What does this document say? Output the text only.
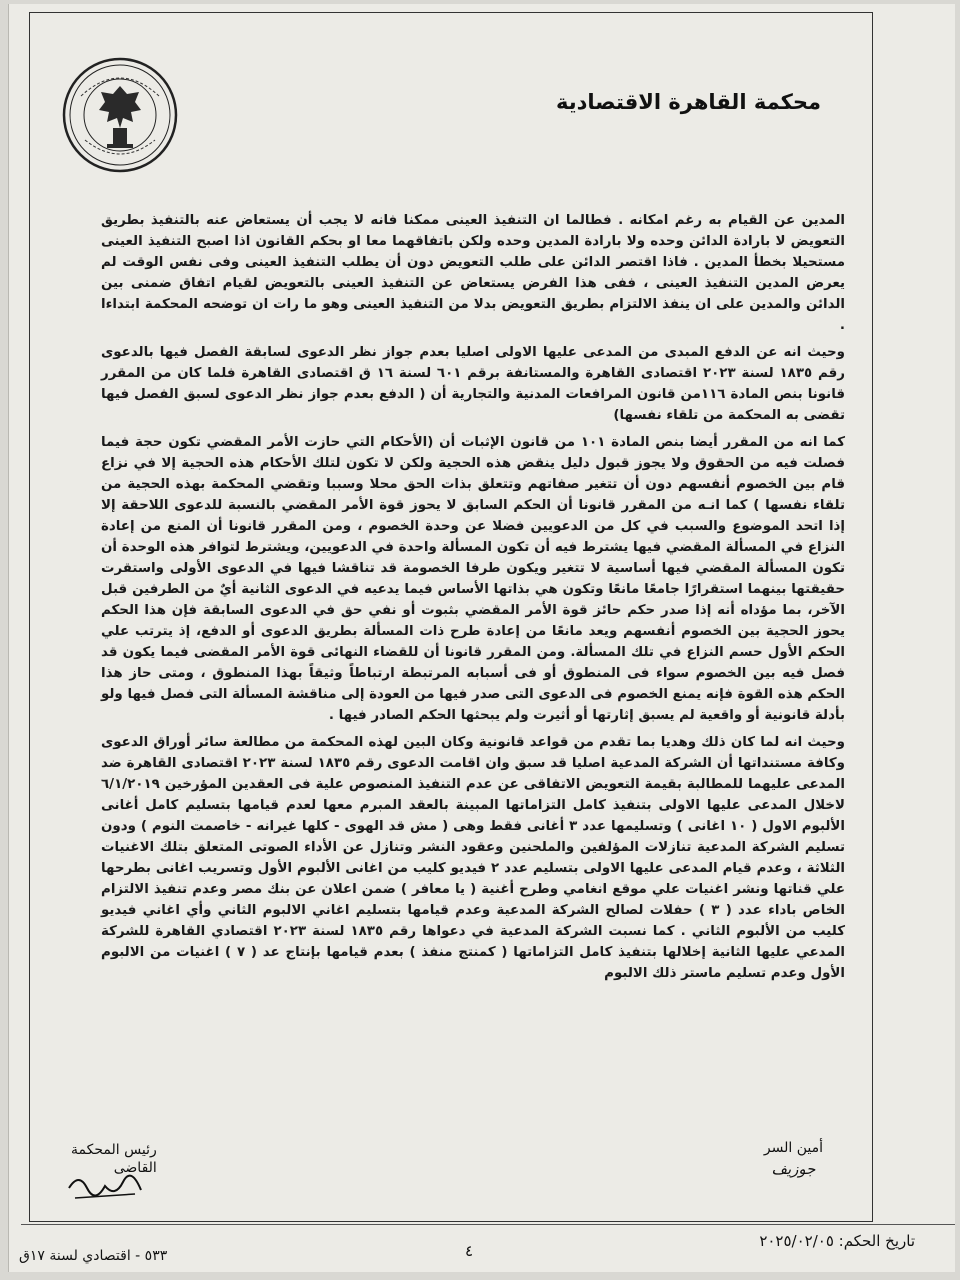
محكمة القاهرة الاقتصادية

المدين عن القيام به رغم امكانه . فطالما ان التنفيذ العينى ممكنا فانه لا يجب أن يستعاض عنه بالتنفيذ بطريق التعويض لا بارادة الدائن وحده ولا بارادة المدين وحده ولكن باتفاقهما معا او بحكم القانون اذا اصبح التنفيذ العينى مستحيلا بخطأ المدين . فاذا اقتصر الدائن على طلب التعويض دون أن يطلب التنفيذ العينى وفى نفس الوقت لم يعرض المدين التنفيذ العينى ، ففى هذا الفرض يستعاض عن التنفيذ العينى بالتعويض لقيام اتفاق ضمنى بين الدائن والمدين على ان ينفذ الالتزام بطريق التعويض بدلا من التنفيذ العينى وهو ما رات ان توضحه المحكمة ابتداءا .

وحيث انه عن الدفع المبدى من المدعى عليها الاولى اصليا بعدم جواز نظر الدعوى لسابقة الفصل فيها بالدعوى رقم ١٨٣٥ لسنة ٢٠٢٣ اقتصادى القاهرة والمستانفة برقم ٦٠١ لسنة ١٦ ق اقتصادى القاهرة فلما كان من المقرر قانونا بنص المادة ١١٦من قانون المرافعات المدنية والتجارية أن ( الدفع بعدم جواز نظر الدعوى لسبق الفصل فيها تقضى به المحكمة من تلقاء نفسها)

كما انه من المقرر أيضا بنص المادة ١٠١ من قانون الإثبات أن (الأحكام التي حازت الأمر المقضي تكون حجة فيما فصلت فيه من الحقوق ولا يجوز قبول دليل ينقض هذه الحجية ولكن لا تكون لتلك الأحكام هذه الحجية إلا في نزاع قام بين الخصوم أنفسهم دون أن تتغير صفاتهم وتتعلق بذات الحق محلا وسببا وتقضي المحكمة بهذه الحجية من تلقاء نفسها ) كما انـه من المقرر قانونا أن الحكم السابق لا يحوز قوة الأمر المقضي بالنسبة للدعوى اللاحقة إلا إذا اتحد الموضوع والسبب في كل من الدعويين فضلا عن وحدة الخصوم ، ومن المقرر قانونا أن المنع من إعادة النزاع في المسألة المقضي فيها يشترط فيه أن تكون المسألة واحدة في الدعويين، ويشترط لتوافر هذه الوحدة أن تكون المسألة المقضي فيها أساسية لا تتغير ويكون طرفا الخصومة قد تناقشا فيها في الدعوى الأولى واستقرت حقيقتها بينهما استقرارًا جامعًا مانعًا وتكون هي بذاتها الأساس فيما يدعيه في الدعوى الثانية أيٌ من الطرفين قبل الآخر، بما مؤداه أنه إذا صدر حكم حائز قوة الأمر المقضي بثبوت أو نفي حق في الدعوى السابقة فإن هذا الحكم يحوز الحجية بين الخصوم أنفسهم ويعد مانعًا من إعادة طرح ذات المسألة بطريق الدعوى أو الدفع، إذ يترتب علي الحكم الأول حسم النزاع في تلك المسألة. ومن المقرر قانونا أن للقضاء النهائى قوة الأمر المقضى فيما يكون قد فصل فيه بين الخصوم سواء فى المنطوق أو فى أسبابه المرتبطة ارتباطاً وثيقاً بهذا المنطوق ، ومتى حاز هذا الحكم هذه القوة فإنه يمنع الخصوم فى الدعوى التى صدر فيها من العودة إلى مناقشة المسألة التى فصل فيها ولو بأدلة قانونية أو واقعية لم يسبق إثارتها أو أثيرت ولم يبحثها الحكم الصادر فيها .

وحيث انه لما كان ذلك وهديا بما تقدم من قواعد قانونية وكان البين لهذه المحكمة من مطالعة سائر أوراق الدعوى وكافة مستنداتها أن الشركة المدعية اصليا قد سبق وان اقامت الدعوى رقم ١٨٣٥ لسنة ٢٠٢٣ اقتصادى القاهرة ضد المدعى عليهما للمطالبة بقيمة التعويض الاتفاقى عن عدم التنفيذ المنصوص علية فى العقدين المؤرخين ٦/١/٢٠١٩ لاخلال المدعى عليها الاولى بتنفيذ كامل التزاماتها المبينة بالعقد المبرم معها لعدم قيامها بتسليم كامل أغانى الألبوم الاول ( ١٠ اغانى ) وتسليمها عدد ٣ أغانى فقط وهى ( مش قد الهوى - كلها غيرانه - خاصمت النوم ) ودون تسليم الشركة المدعية تنازلات المؤلفين والملحنين وعقود النشر وتنازل عن الأداء الصوتى المتعلق بتلك الاغنيات الثلاثة ، وعدم قيام المدعى عليها الاولى بتسليم عدد ٢ فيديو كليب من اغانى الألبوم الأول وتسريب اغانى بطرحها علي قناتها ونشر اغنيات علي موقع انغامي وطرح أغنية ( يا معافر ) ضمن اعلان عن بنك مصر وعدم تنفيذ الالتزام الخاص باداء عدد ( ٣ ) حفلات لصالح الشركة المدعية وعدم قيامها بتسليم اغاني الالبوم الثاني وأي اغاني فيديو كليب من الألبوم الثاني . كما نسبت الشركة المدعية في دعواها رقم ١٨٣٥ لسنة ٢٠٢٣ اقتصادي القاهرة للشركة المدعي عليها الثانية إخلالها بتنفيذ كامل التزاماتها ( كمنتج منفذ ) بعدم قيامها بإنتاج عد ( ٧ ) اغنيات من الالبوم الأول وعدم تسليم ماستر ذلك الالبوم

أمين السر
جوزيف
رئيس المحكمة
القاضى
تاريخ الحكم: ٢٠٢٥/٠٢/٠٥
٤
٥٣٣ - اقتصادي لسنة ١٧ق
